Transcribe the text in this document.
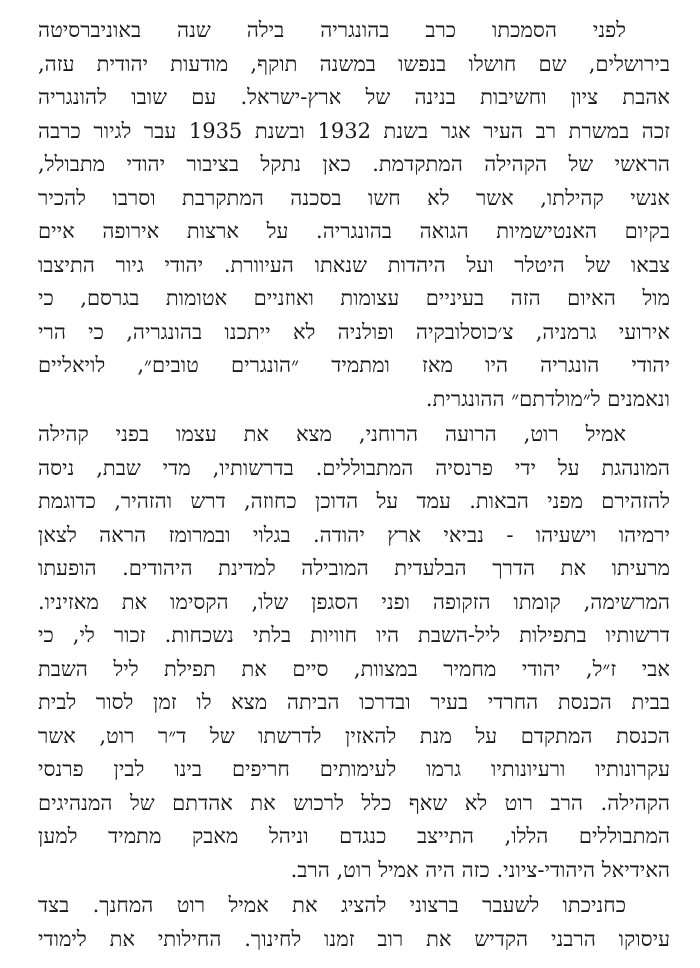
לפני הסמכתו כרב בהונגריה בילה שנה באוניברסיטה
בירושלים, שם חושלו בנפשו במשנה תוקף, מודעות יהודית עזה,
אהבת ציון וחשיבות בנינה של ארץ-ישראל. עם שובו להונגריה
זכה במשרת רב העיר אגר בשנת 1932 ובשנת 1935 עבר לגיור כרבה
הראשי של הקהילה המתקדמת. כאן נתקל בציבור יהודי מתבולל,
אנשי קהילתו, אשר לא חשו בסכנה המתקרבת וסרבו להכיר
בקיום האנטישמיות הגואה בהונגריה. על ארצות אירופה איים
צבאו של היטלר ועל היהדות שנאתו העיוורת. יהודי גיור התיצבו
מול האיום הזה בעיניים עצומות ואוזניים אטומות בגרסם, כי
אירועי גרמניה, צ׳כוסלובקיה ופולניה לא ייתכנו בהונגריה, כי הרי
יהודי הונגריה היו מאז ומתמיד ״הונגרים טובים״, לויאליים
ונאמנים ל״מולדתם״ ההונגרית.
אמיל רוט, הרועה הרוחני, מצא את עצמו בפני קהילה
המונהגת על ידי פרנסיה המתבוללים. בדרשותיו, מדי שבת, ניסה
להזהירם מפני הבאות. עמד על הדוכן כחוזה, דרש והזהיר, כדוגמת
ירמיהו וישעיהו - נביאי ארץ יהודה. בגלוי ובמרומז הראה לצאן
מרעיתו את הדרך הבלעדית המובילה למדינת היהודים. הופעתו
המרשימה, קומתו הזקופה ופני הסגפן שלו, הקסימו את מאזיניו.
דרשותיו בתפילות ליל-השבת היו חוויות בלתי נשכחות. זכור לי, כי
אבי ז״ל, יהודי מחמיר במצוות, סיים את תפילת ליל השבת
בבית הכנסת החרדי בעיר ובדרכו הביתה מצא לו זמן לסור לבית
הכנסת המתקדם על מנת להאזין לדרשתו של ד״ר רוט, אשר
עקרונותיו ורעיונותיו גרמו לעימותים חריפים בינו לבין פרנסי
הקהילה. הרב רוט לא שאף כלל לרכוש את אהדתם של המנהיגים
המתבוללים הללו, התייצב כנגדם וניהל מאבק מתמיד למען
האידיאל היהודי-ציוני. כזה היה אמיל רוט, הרב.
כחניכתו לשעבר ברצוני להציג את אמיל רוט המחנך. בצד
עיסוקו הרבני הקדיש את רוב זמנו לחינוך. החילותי את לימודי
